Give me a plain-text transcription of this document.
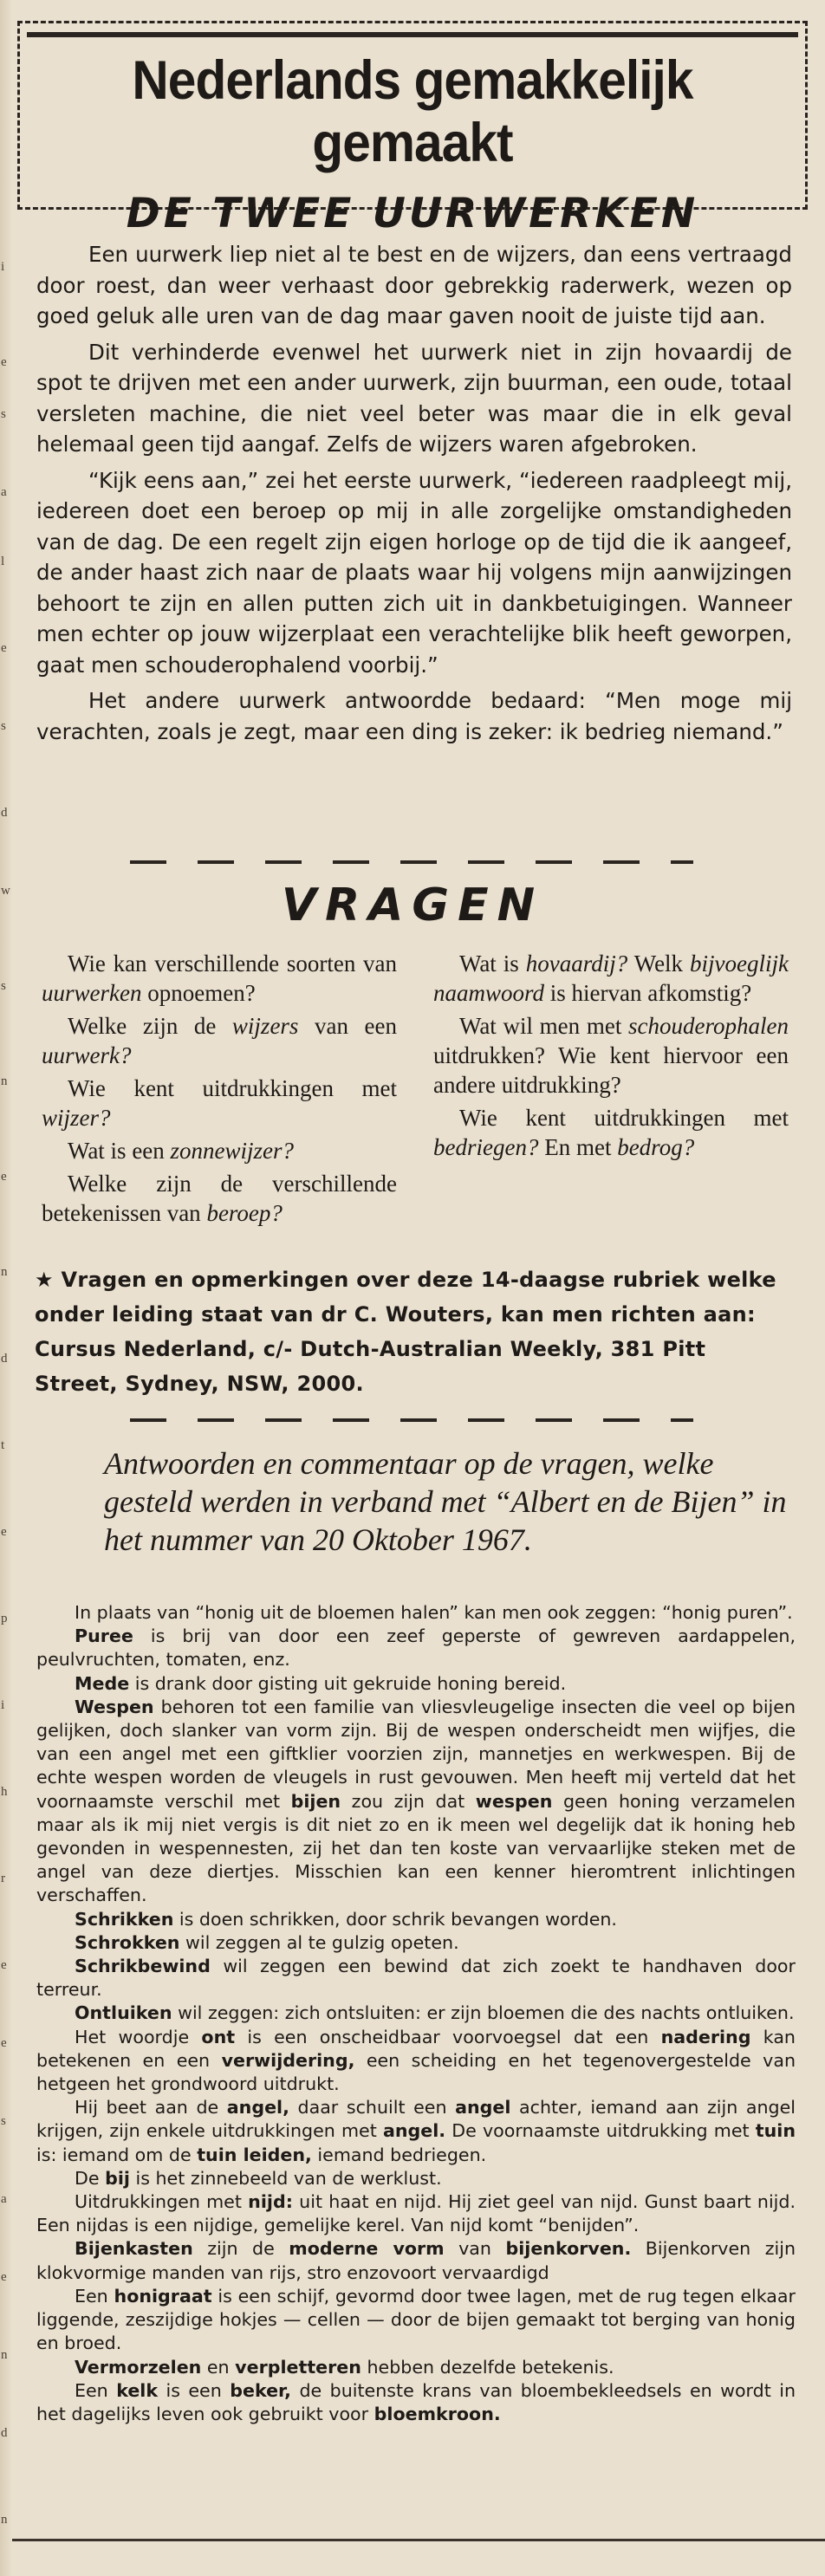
i
e
s
a
l
e
s
d
w
s
n
e
n
d
t
e
p
i
h
r
e
e
s
a
e
n
d
n
Nederlands gemakkelijk gemaakt
DE TWEE UURWERKEN

Een uurwerk liep niet al te best en de wijzers, dan eens vertraagd door roest, dan weer verhaast door gebrekkig raderwerk, wezen op goed geluk alle uren van de dag maar gaven nooit de juiste tijd aan.

Dit verhinderde evenwel het uurwerk niet in zijn hovaardij de spot te drijven met een ander uurwerk, zijn buurman, een oude, totaal versleten machine, die niet veel beter was maar die in elk geval helemaal geen tijd aangaf. Zelfs de wijzers waren afgebroken.

“Kijk eens aan,” zei het eerste uurwerk, “iedereen raadpleegt mij, iedereen doet een beroep op mij in alle zorgelijke omstandigheden van de dag. De een regelt zijn eigen horloge op de tijd die ik aangeef, de ander haast zich naar de plaats waar hij volgens mijn aanwijzingen behoort te zijn en allen putten zich uit in dankbetuigingen. Wanneer men echter op jouw wijzerplaat een verachtelijke blik heeft geworpen, gaat men schouderophalend voorbij.”

Het andere uurwerk antwoordde bedaard: “Men moge mij verachten, zoals je zegt, maar een ding is zeker: ik bedrieg niemand.”

VRAGEN

Wie kan verschillende soorten van uurwerken opnoemen?

Welke zijn de wijzers van een uurwerk?

Wie kent uitdrukkingen met wijzer?

Wat is een zonnewijzer?

Welke zijn de verschillende betekenissen van beroep?

Wat is hovaardij? Welk bijvoeglijk naamwoord is hiervan afkomstig?

Wat wil men met schouderophalen uitdrukken? Wie kent hiervoor een andere uitdrukking?

Wie kent uitdrukkingen met bedriegen? En met bedrog?

★ Vragen en opmerkingen over deze 14-daagse rubriek welke onder leiding staat van dr C. Wouters, kan men richten aan: Cursus Nederland, c/- Dutch-Australian Weekly, 381 Pitt Street, Sydney, NSW, 2000.
Antwoorden en commentaar op de vragen, welke gesteld werden in verband met “Albert en de Bijen” in het nummer van 20 Oktober 1967.

In plaats van “honig uit de bloemen halen” kan men ook zeggen: “honig puren”.

Puree is brij van door een zeef geperste of gewreven aardappelen, peulvruchten, tomaten, enz.

Mede is drank door gisting uit gekruide honing bereid.

Wespen behoren tot een familie van vliesvleugelige insecten die veel op bijen gelijken, doch slanker van vorm zijn. Bij de wespen onderscheidt men wijfjes, die van een angel met een giftklier voorzien zijn, mannetjes en werkwespen. Bij de echte wespen worden de vleugels in rust gevouwen. Men heeft mij verteld dat het voornaamste verschil met bijen zou zijn dat wespen geen honing verzamelen maar als ik mij niet vergis is dit niet zo en ik meen wel degelijk dat ik honing heb gevonden in wespennesten, zij het dan ten koste van vervaarlijke steken met de angel van deze diertjes. Misschien kan een kenner hieromtrent inlichtingen verschaffen.

Schrikken is doen schrikken, door schrik bevangen worden.

Schrokken wil zeggen al te gulzig opeten.

Schrikbewind wil zeggen een bewind dat zich zoekt te handhaven door terreur.

Ontluiken wil zeggen: zich ontsluiten: er zijn bloemen die des nachts ontluiken.

Het woordje ont is een onscheidbaar voorvoegsel dat een nadering kan betekenen en een verwijdering, een scheiding en het tegenovergestelde van hetgeen het grondwoord uitdrukt.

Hij beet aan de angel, daar schuilt een angel achter, iemand aan zijn angel krijgen, zijn enkele uitdrukkingen met angel. De voornaamste uitdrukking met tuin is: iemand om de tuin leiden, iemand bedriegen.

De bij is het zinnebeeld van de werklust.

Uitdrukkingen met nijd: uit haat en nijd. Hij ziet geel van nijd. Gunst baart nijd. Een nijdas is een nijdige, gemelijke kerel. Van nijd komt “benijden”.

Bijenkasten zijn de moderne vorm van bijenkorven. Bijenkorven zijn klokvormige manden van rijs, stro enzovoort vervaardigd

Een honigraat is een schijf, gevormd door twee lagen, met de rug tegen elkaar liggende, zeszijdige hokjes — cellen — door de bijen gemaakt tot berging van honig en broed.

Vermorzelen en verpletteren hebben dezelfde betekenis.

Een kelk is een beker, de buitenste krans van bloembekleedsels en wordt in het dagelijks leven ook gebruikt voor bloemkroon.
